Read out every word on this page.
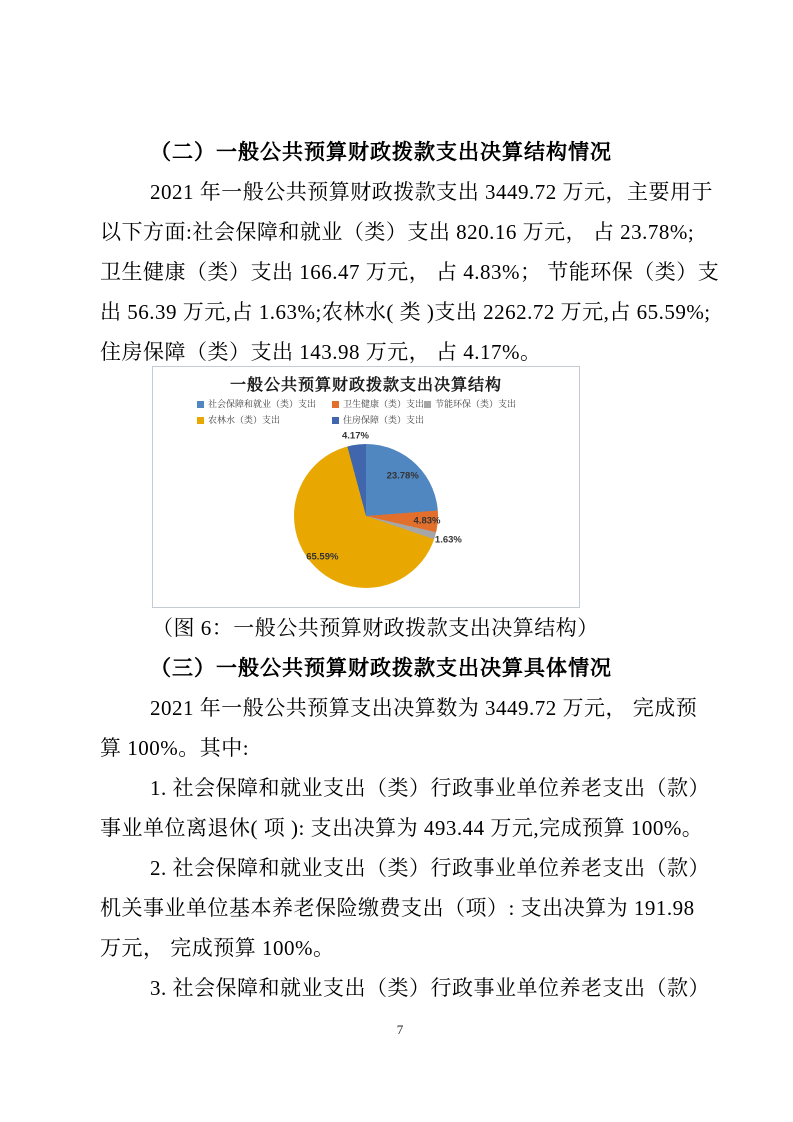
（二）一般公共预算财政拨款支出决算结构情况
2021 年一般公共预算财政拨款支出 3449.72 万元，主要用于
以下方面:社会保障和就业（类）支出 820.16 万元， 占 23.78%;
卫生健康（类）支出 166.47 万元， 占 4.83%； 节能环保（类）支
出 56.39 万元,占 1.63%;农林水( 类 )支出 2262.72 万元,占 65.59%;
住房保障（类）支出 143.98 万元， 占 4.17%。
一般公共预算财政拨款支出决算结构
社会保障和就业（类）支出	卫生健康（类）支出 节能环保（类）支出
农林水（类）支出	住房保障（类）支出
23.78%
4.83%
1.63%
65.59%
4.17%
（图 6：一般公共预算财政拨款支出决算结构）
（三）一般公共预算财政拨款支出决算具体情况
2021 年一般公共预算支出决算数为 3449.72 万元， 完成预
算 100%。其中:
1. 社会保障和就业支出（类）行政事业单位养老支出（款）
事业单位离退休( 项 ): 支出决算为 493.44 万元,完成预算 100%。
2. 社会保障和就业支出（类）行政事业单位养老支出（款）
机关事业单位基本养老保险缴费支出（项）: 支出决算为 191.98
万元， 完成预算 100%。
3. 社会保障和就业支出（类）行政事业单位养老支出（款）
7
